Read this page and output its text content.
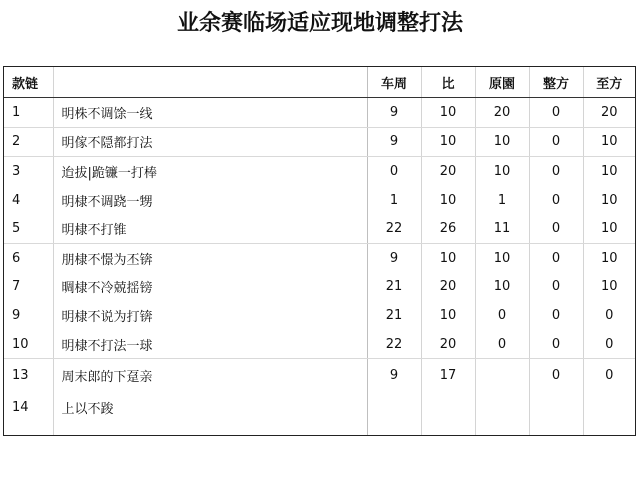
业余赛临场适应现地调整打法
款链		车周	比	原園	整方	至方
1	明株不调馀一线	9	10	20	0	20
2	明傢不隠都打法	9	10	10	0	10
3	迨拔|跪镰一打棒	0	20	10	0	10
4	明棣不调跷一甥	1	10	1	0	10
5	明棣不打锥	22	26	11	0	10
6	朋棣不憬为丕锛	9	10	10	0	10
7	晭棣不冷兢揺镑	21	20	10	0	10
9	明棣不说为打锛	21	10	0	0	0
10	明棣不打法一球	22	20	0	0	0
13	周末郎的下趸亲	9	17		0	0
14	上以不踆					
